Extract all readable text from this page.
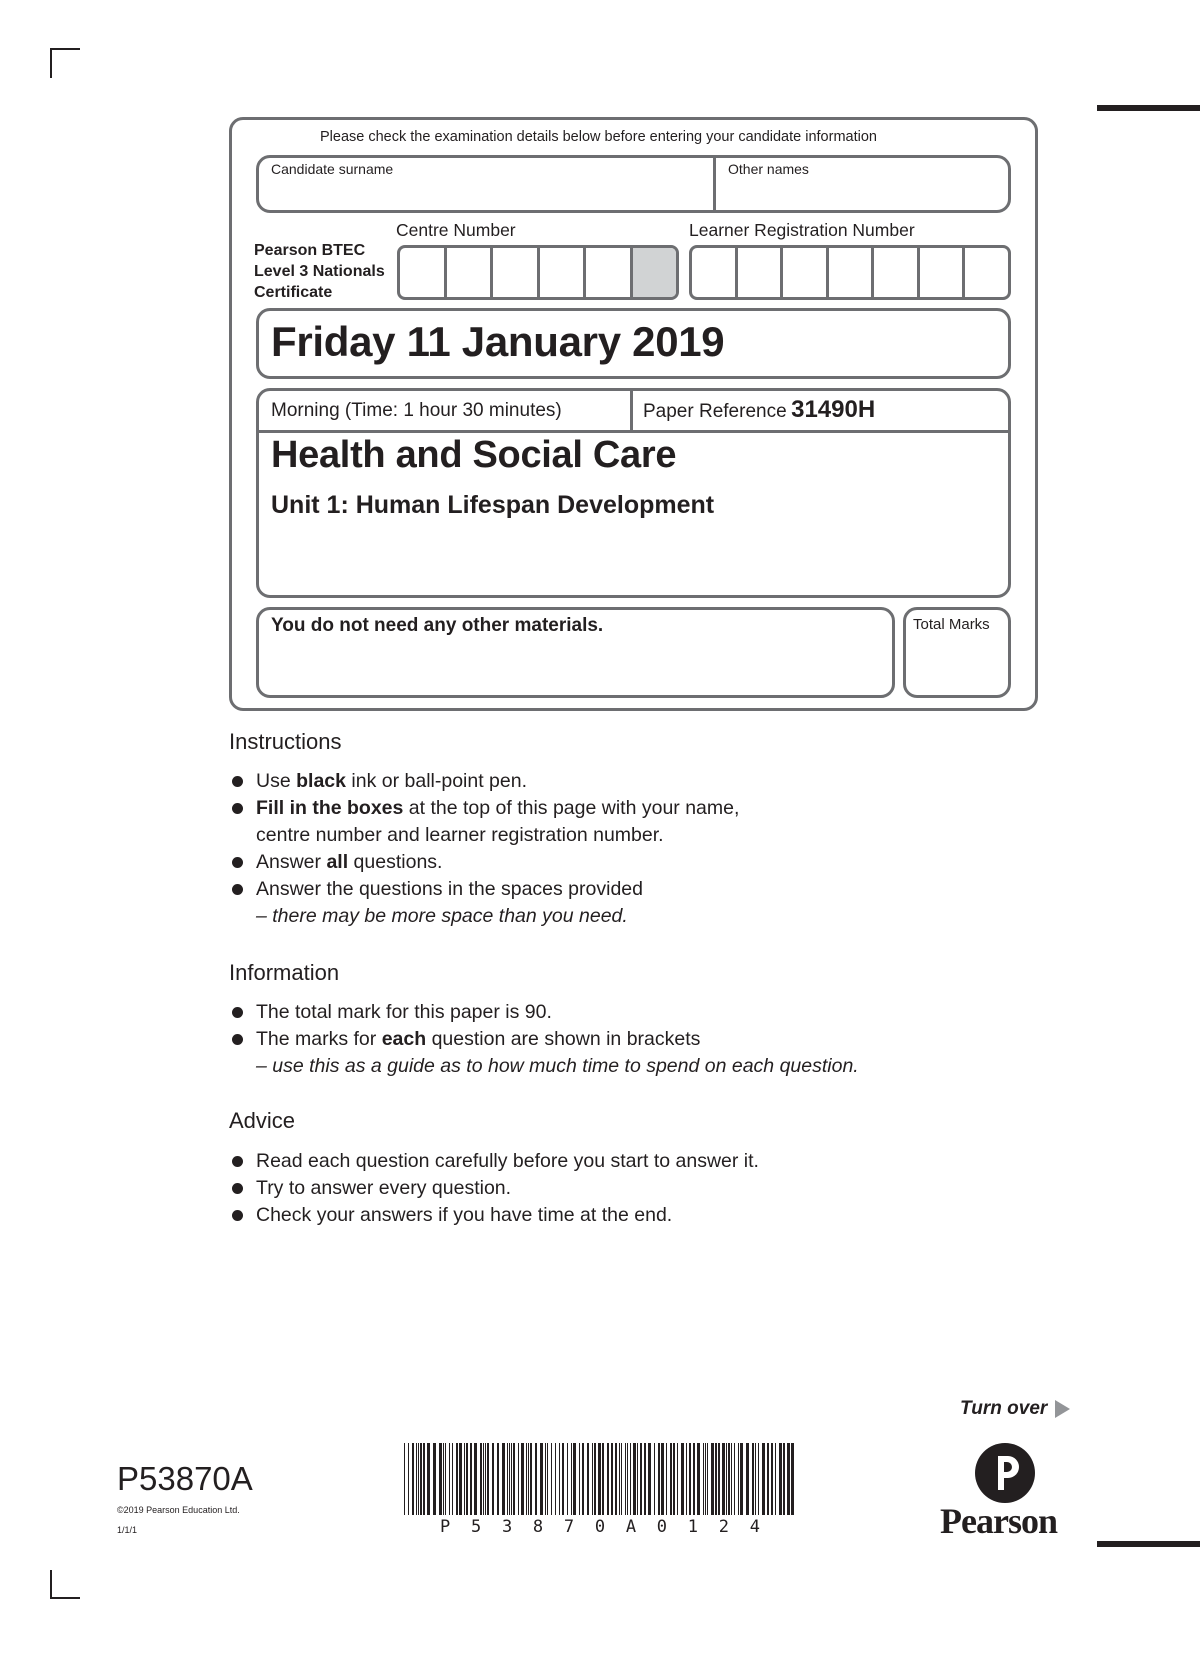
Please check the examination details below before entering your candidate information
Candidate surname	Other names
Pearson BTEC
Level 3 Nationals
Certificate
Centre Number	Learner Registration Number
Friday 11 January 2019
Morning (Time: 1 hour 30 minutes)	Paper Reference 31490H
Health and Social Care
Unit 1: Human Lifespan Development
You do not need any other materials.	Total Marks
Instructions
Use black ink or ball-point pen.
Fill in the boxes at the top of this page with your name,
centre number and learner registration number.
Answer all questions.
Answer the questions in the spaces provided
– there may be more space than you need.
Information
The total mark for this paper is 90.
The marks for each question are shown in brackets
– use this as a guide as to how much time to spend on each question.
Advice
Read each question carefully before you start to answer it.
Try to answer every question.
Check your answers if you have time at the end.
Turn over
P53870A
©2019 Pearson Education Ltd.
1/1/1	P 5 3 8 7 0 A 0 1 2 4	Pearson
